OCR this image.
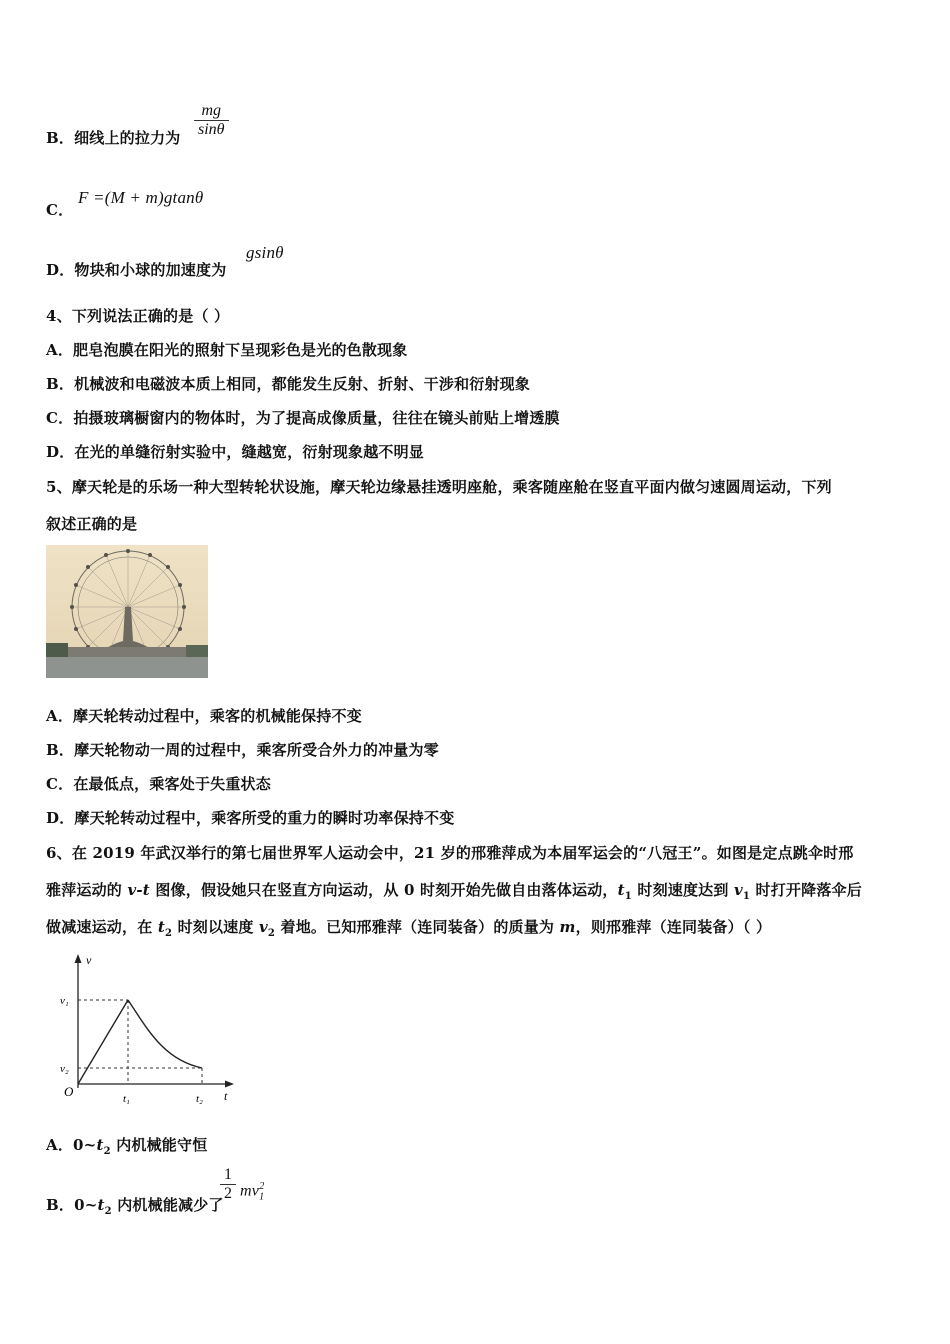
B．细线上的拉力为 $\frac{mg}{\sin\theta}$
C．
F =(M + m)gtanθ
D．物块和小球的加速度为
gsinθ
4、下列说法正确的是（ ）
A．肥皂泡膜在阳光的照射下呈现彩色是光的色散现象
B．机械波和电磁波本质上相同，都能发生反射、折射、干涉和衍射现象
C．拍摄玻璃橱窗内的物体时，为了提高成像质量，往往在镜头前贴上增透膜
D．在光的单缝衍射实验中，缝越宽，衍射现象越不明显
5、摩天轮是的乐场一种大型转轮状设施，摩天轮边缘悬挂透明座舱，乘客随座舱在竖直平面内做匀速圆周运动，下列
叙述正确的是
A．摩天轮转动过程中，乘客的机械能保持不变
B．摩天轮物动一周的过程中，乘客所受合外力的冲量为零
C．在最低点，乘客处于失重状态
D．摩天轮转动过程中，乘客所受的重力的瞬时功率保持不变
6、在 2019 年武汉举行的第七届世界军人运动会中，21 岁的邢雅萍成为本届军运会的“八冠王”。如图是定点跳伞时邢
雅萍运动的 v-t 图像，假设她只在竖直方向运动，从 0 时刻开始先做自由落体运动，$t_1$ 时刻速度达到 $v_1$ 时打开降落伞后
做减速运动，在 $t_2$ 时刻以速度 $v_2$ 着地。已知邢雅萍（连同装备）的质量为 m，则邢雅萍（连同装备）（ ）
v
v₁
v₂
O	t₁	t₂ t
A．$0\sim t_2$ 内机械能守恒
B．$0\sim t_2$ 内机械能减少了
$\frac{1}{2} mv_1^2$
